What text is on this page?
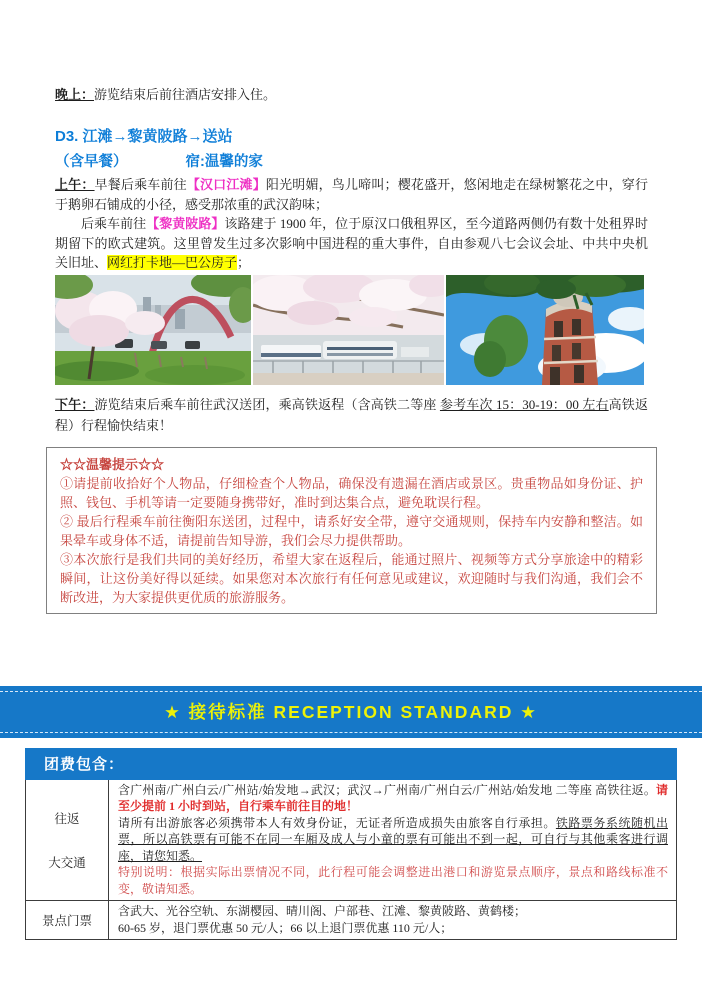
晚上：游览结束后前往酒店安排入住。

D3. 江滩→黎黄陂路→送站
（含早餐）	宿:温馨的家

上午：早餐后乘车前往【汉口江滩】阳光明媚，鸟儿啼叫；樱花盛开，悠闲地走在绿树繁花之中，穿行于鹅卵石铺成的小径，感受那浓重的武汉韵味；

后乘车前往【黎黄陂路】该路建于 1900 年，位于原汉口俄租界区，至今道路两侧仍有数十处租界时期留下的欧式建筑。这里曾发生过多次影响中国进程的重大事件，自由参观八七会议会址、中共中央机关旧址、网红打卡地—巴公房子；

下午：游览结束后乘车前往武汉送团，乘高铁返程（含高铁二等座 参考车次 15：30-19：00 左右高铁返程）行程愉快结束！

☆☆温馨提示☆☆

①请提前收拾好个人物品，仔细检查个人物品，确保没有遗漏在酒店或景区。贵重物品如身份证、护照、钱包、手机等请一定要随身携带好，准时到达集合点，避免耽误行程。

② 最后行程乘车前往衡阳东送团，过程中，请系好安全带，遵守交通规则，保持车内安静和整洁。如果晕车或身体不适，请提前告知导游，我们会尽力提供帮助。

③本次旅行是我们共同的美好经历，希望大家在返程后，能通过照片、视频等方式分享旅途中的精彩瞬间，让这份美好得以延续。如果您对本次旅行有任何意见或建议，欢迎随时与我们沟通，我们会不断改进，为大家提供更优质的旅游服务。

★ 接待标准 RECEPTION STANDARD ★
团费包含：
往返
大交通
含广州南/广州白云/广州站/始发地→武汉；武汉→广州南/广州白云/广州站/始发地 二等座 高铁往返。请至少提前 1 小时到站，自行乘车前往目的地！
请所有出游旅客必须携带本人有效身份证，无证者所造成损失由旅客自行承担。铁路票务系统随机出票，所以高铁票有可能不在同一车厢及成人与小童的票有可能出不到一起，可自行与其他乘客进行调座，请您知悉。
特别说明：根据实际出票情况不同，此行程可能会调整进出港口和游览景点顺序，景点和路线标准不变，敬请知悉。
景点门票
含武大、光谷空轨、东湖樱园、晴川阁、户部巷、江滩、黎黄陂路、黄鹤楼；
60-65 岁，退门票优惠 50 元/人；66 以上退门票优惠 110 元/人；
